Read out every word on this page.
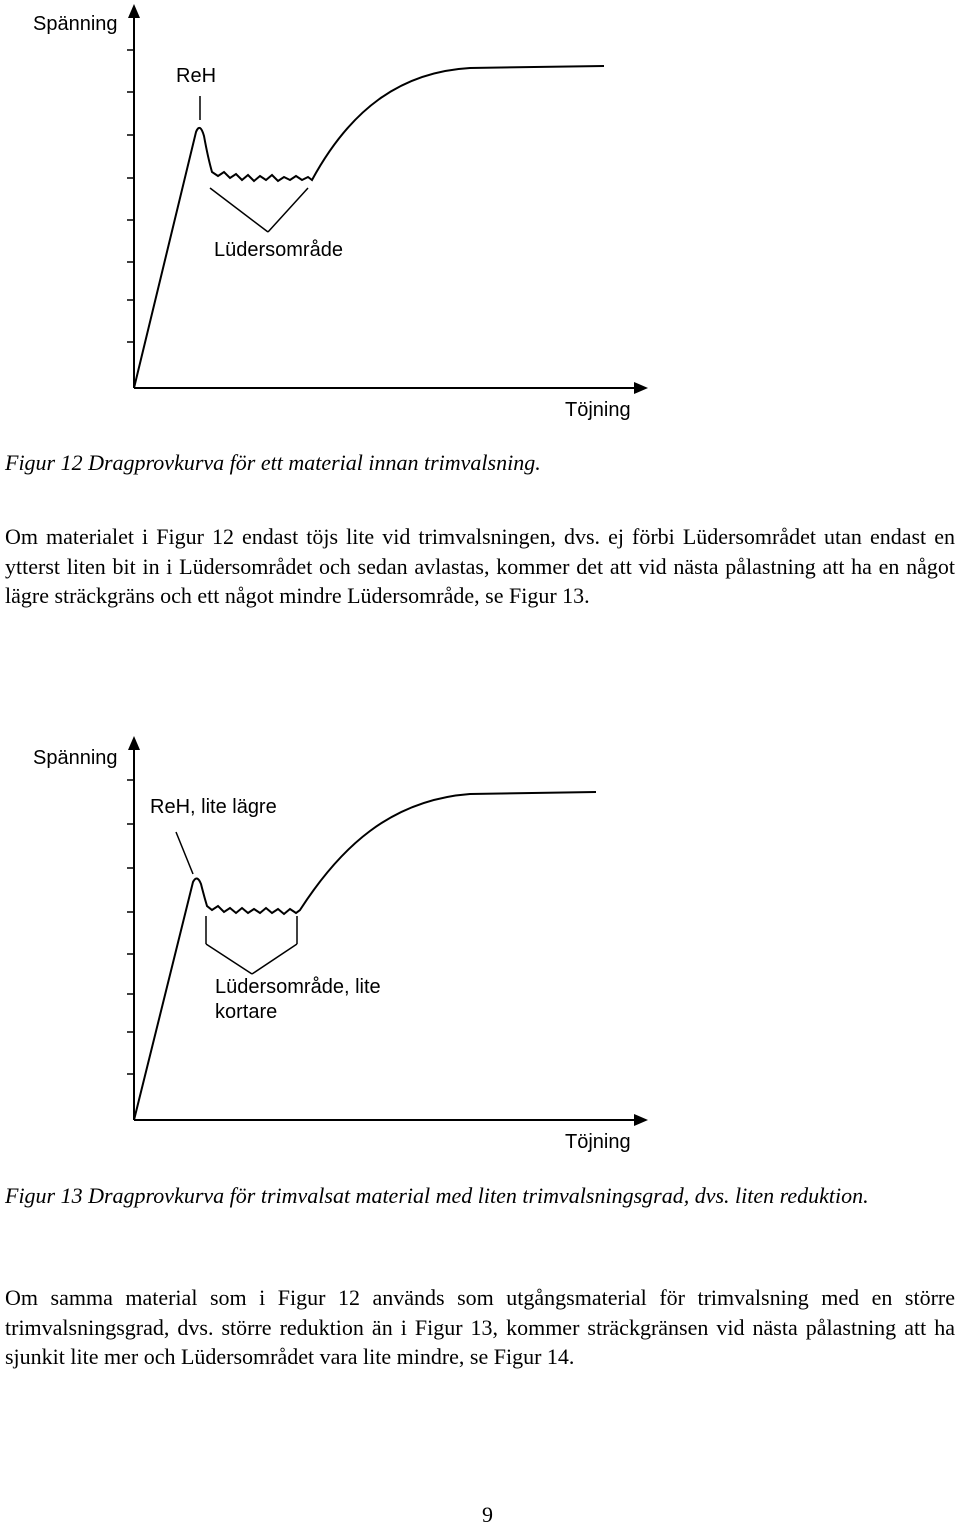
ReH
Lüdersområde
Spänning
Töjning

Figur 12 Dragprovkurva för ett material innan trimvalsning.

Om materialet i Figur 12 endast töjs lite vid trimvalsningen, dvs. ej förbi Lüdersområdet utan endast en ytterst liten bit in i Lüdersområdet och sedan avlastas, kommer det att vid nästa pålastning att ha en något lägre sträckgräns och ett något mindre Lüdersområde, se Figur 13.

ReH, lite lägre
Lüdersområde, lite
kortare
Spänning
Töjning

Figur 13 Dragprovkurva för trimvalsat material med liten trimvalsningsgrad, dvs. liten reduktion.

Om samma material som i Figur 12 används som utgångsmaterial för trimvalsning med en större trimvalsningsgrad, dvs. större reduktion än i Figur 13, kommer sträckgränsen vid nästa pålastning att ha sjunkit lite mer och Lüdersområdet vara lite mindre, se Figur 14.

9
